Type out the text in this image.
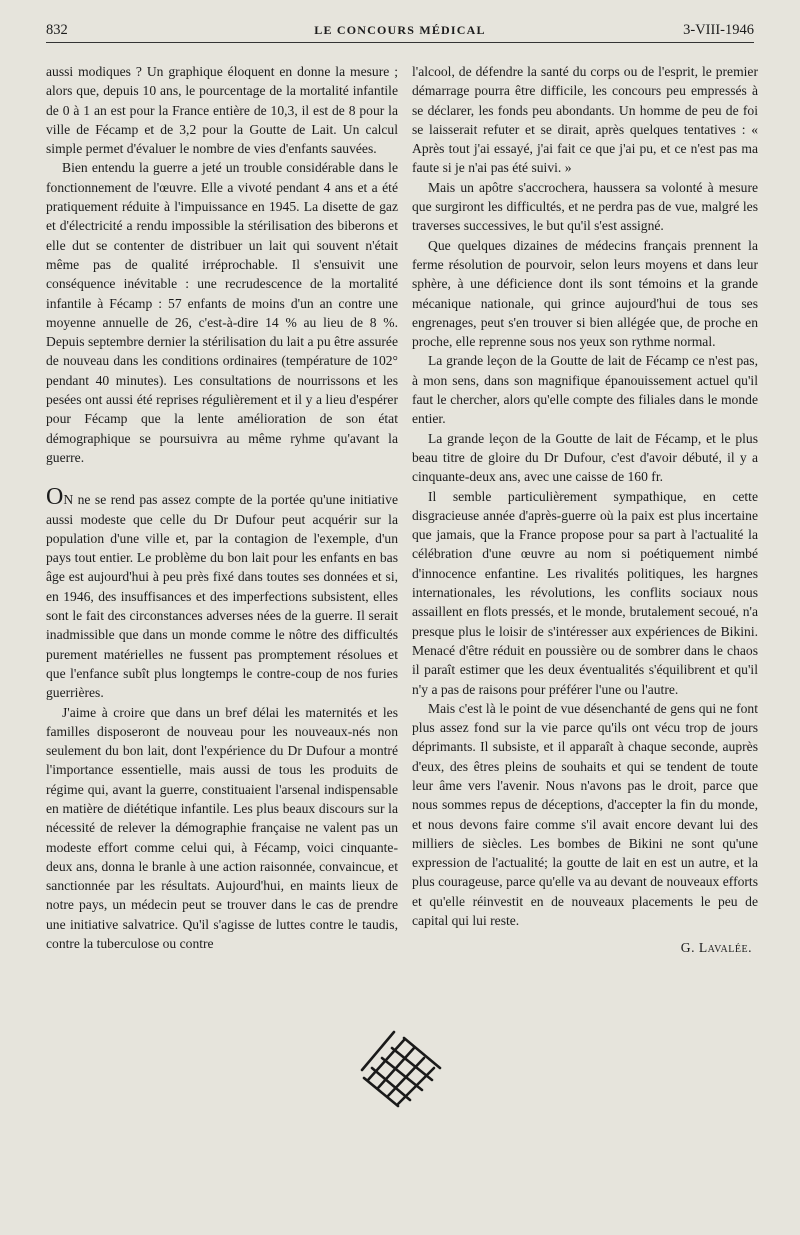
832	LE CONCOURS MÉDICAL	3-VIII-1946

aussi modiques ? Un graphique éloquent en donne la mesure ; alors que, depuis 10 ans, le pourcentage de la mortalité infantile de 0 à 1 an est pour la France entière de 10,3, il est de 8 pour la ville de Fécamp et de 3,2 pour la Goutte de Lait. Un calcul simple permet d'évaluer le nombre de vies d'enfants sauvées.

Bien entendu la guerre a jeté un trouble considérable dans le fonctionnement de l'œuvre. Elle a vivoté pendant 4 ans et a été pratiquement réduite à l'impuissance en 1945. La disette de gaz et d'électricité a rendu impossible la stérilisation des biberons et elle dut se contenter de distribuer un lait qui souvent n'était même pas de qualité irréprochable. Il s'ensuivit une conséquence inévitable : une recrudescence de la mortalité infantile à Fécamp : 57 enfants de moins d'un an contre une moyenne annuelle de 26, c'est-à-dire 14 % au lieu de 8 %. Depuis septembre dernier la stérilisation du lait a pu être assurée de nouveau dans les conditions ordinaires (température de 102° pendant 40 minutes). Les consultations de nourrissons et les pesées ont aussi été reprises régulièrement et il y a lieu d'espérer pour Fécamp que la lente amélioration de son état démographique se poursuivra au même ryhme qu'avant la guerre.

ON ne se rend pas assez compte de la portée qu'une initiative aussi modeste que celle du Dr Dufour peut acquérir sur la population d'une ville et, par la contagion de l'exemple, d'un pays tout entier. Le problème du bon lait pour les enfants en bas âge est aujourd'hui à peu près fixé dans toutes ses données et si, en 1946, des insuffisances et des imperfections subsistent, elles sont le fait des circonstances adverses nées de la guerre. Il serait inadmissible que dans un monde comme le nôtre des difficultés purement matérielles ne fussent pas promptement résolues et que l'enfance subît plus longtemps le contre-coup de nos furies guerrières.

J'aime à croire que dans un bref délai les maternités et les familles disposeront de nouveau pour les nouveaux-nés non seulement du bon lait, dont l'expérience du Dr Dufour a montré l'importance essentielle, mais aussi de tous les produits de régime qui, avant la guerre, constituaient l'arsenal indispensable en matière de diététique infantile. Les plus beaux discours sur la nécessité de relever la démographie française ne valent pas un modeste effort comme celui qui, à Fécamp, voici cinquante-deux ans, donna le branle à une action raisonnée, convaincue, et sanctionnée par les résultats. Aujourd'hui, en maints lieux de notre pays, un médecin peut se trouver dans le cas de prendre une initiative salvatrice. Qu'il s'agisse de luttes contre le taudis, contre la tuberculose ou contre

l'alcool, de défendre la santé du corps ou de l'esprit, le premier démarrage pourra être difficile, les concours peu empressés à se déclarer, les fonds peu abondants. Un homme de peu de foi se laisserait refuter et se dirait, après quelques tentatives : « Après tout j'ai essayé, j'ai fait ce que j'ai pu, et ce n'est pas ma faute si je n'ai pas été suivi. »

Mais un apôtre s'accrochera, haussera sa volonté à mesure que surgiront les difficultés, et ne perdra pas de vue, malgré les traverses successives, le but qu'il s'est assigné.

Que quelques dizaines de médecins français prennent la ferme résolution de pourvoir, selon leurs moyens et dans leur sphère, à une déficience dont ils sont témoins et la grande mécanique nationale, qui grince aujourd'hui de tous ses engrenages, peut s'en trouver si bien allégée que, de proche en proche, elle reprenne sous nos yeux son rythme normal.

La grande leçon de la Goutte de lait de Fécamp ce n'est pas, à mon sens, dans son magnifique épanouissement actuel qu'il faut le chercher, alors qu'elle compte des filiales dans le monde entier.

La grande leçon de la Goutte de lait de Fécamp, et le plus beau titre de gloire du Dr Dufour, c'est d'avoir débuté, il y a cinquante-deux ans, avec une caisse de 160 fr.

Il semble particulièrement sympathique, en cette disgracieuse année d'après-guerre où la paix est plus incertaine que jamais, que la France propose pour sa part à l'actualité la célébration d'une œuvre au nom si poétiquement nimbé d'innocence enfantine. Les rivalités politiques, les hargnes internationales, les révolutions, les conflits sociaux nous assaillent en flots pressés, et le monde, brutalement secoué, n'a presque plus le loisir de s'intéresser aux expériences de Bikini. Menacé d'être réduit en poussière ou de sombrer dans le chaos il paraît estimer que les deux éventualités s'équilibrent et qu'il n'y a pas de raisons pour préférer l'une ou l'autre.

Mais c'est là le point de vue désenchanté de gens qui ne font plus assez fond sur la vie parce qu'ils ont vécu trop de jours déprimants. Il subsiste, et il apparaît à chaque seconde, auprès d'eux, des êtres pleins de souhaits et qui se tendent de toute leur âme vers l'avenir. Nous n'avons pas le droit, parce que nous sommes repus de déceptions, d'accepter la fin du monde, et nous devons faire comme s'il avait encore devant lui des milliers de siècles. Les bombes de Bikini ne sont qu'une expression de l'actualité; la goutte de lait en est un autre, et la plus courageuse, parce qu'elle va au devant de nouveaux efforts et qu'elle réinvestit en de nouveaux placements le peu de capital qui lui reste.

G. Lavalée.
